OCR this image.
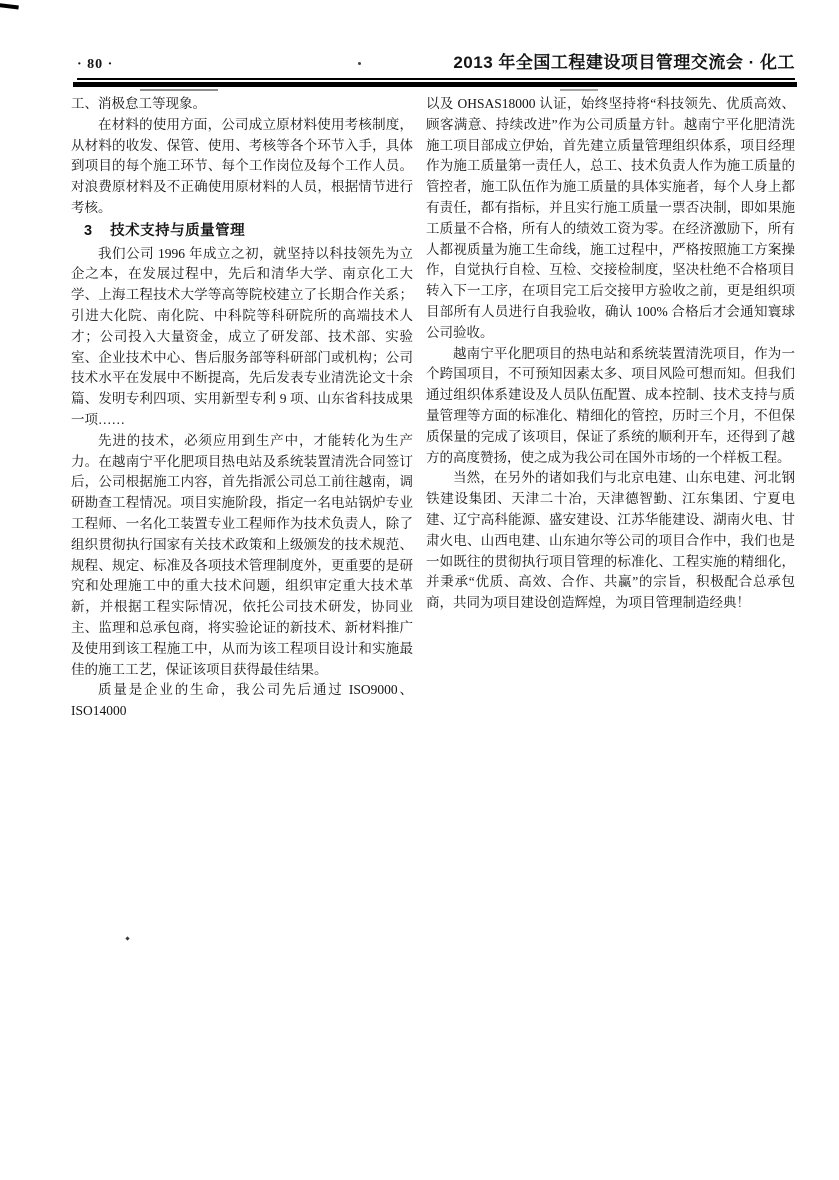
· 80 ·	2013 年全国工程建设项目管理交流会 · 化工

工、消极怠工等现象。

在材料的使用方面，公司成立原材料使用考核制度，从材料的收发、保管、使用、考核等各个环节入手，具体到项目的每个施工环节、每个工作岗位及每个工作人员。对浪费原材料及不正确使用原材料的人员，根据情节进行考核。

3 技术支持与质量管理

我们公司 1996 年成立之初，就坚持以科技领先为立企之本，在发展过程中，先后和清华大学、南京化工大学、上海工程技术大学等高等院校建立了长期合作关系；引进大化院、南化院、中科院等科研院所的高端技术人才；公司投入大量资金，成立了研发部、技术部、实验室、企业技术中心、售后服务部等科研部门或机构；公司技术水平在发展中不断提高，先后发表专业清洗论文十余篇、发明专利四项、实用新型专利 9 项、山东省科技成果一项……

先进的技术，必须应用到生产中，才能转化为生产力。在越南宁平化肥项目热电站及系统装置清洗合同签订后，公司根据施工内容，首先指派公司总工前往越南，调研勘查工程情况。项目实施阶段，指定一名电站锅炉专业工程师、一名化工装置专业工程师作为技术负责人，除了组织贯彻执行国家有关技术政策和上级颁发的技术规范、规程、规定、标准及各项技术管理制度外，更重要的是研究和处理施工中的重大技术问题，组织审定重大技术革新，并根据工程实际情况，依托公司技术研发，协同业主、监理和总承包商，将实验论证的新技术、新材料推广及使用到该工程施工中，从而为该工程项目设计和实施最佳的施工工艺，保证该项目获得最佳结果。

质量是企业的生命，我公司先后通过 ISO9000、ISO14000

以及 OHSAS18000 认证，始终坚持将“科技领先、优质高效、顾客满意、持续改进”作为公司质量方针。越南宁平化肥清洗施工项目部成立伊始，首先建立质量管理组织体系，项目经理作为施工质量第一责任人，总工、技术负责人作为施工质量的管控者，施工队伍作为施工质量的具体实施者，每个人身上都有责任，都有指标，并且实行施工质量一票否决制，即如果施工质量不合格，所有人的绩效工资为零。在经济激励下，所有人都视质量为施工生命线，施工过程中，严格按照施工方案操作，自觉执行自检、互检、交接检制度，坚决杜绝不合格项目转入下一工序，在项目完工后交接甲方验收之前，更是组织项目部所有人员进行自我验收，确认 100% 合格后才会通知寰球公司验收。

越南宁平化肥项目的热电站和系统装置清洗项目，作为一个跨国项目，不可预知因素太多、项目风险可想而知。但我们通过组织体系建设及人员队伍配置、成本控制、技术支持与质量管理等方面的标准化、精细化的管控，历时三个月，不但保质保量的完成了该项目，保证了系统的顺利开车，还得到了越方的高度赞扬，使之成为我公司在国外市场的一个样板工程。

当然，在另外的诸如我们与北京电建、山东电建、河北钢铁建设集团、天津二十冶，天津德智勤、江东集团、宁夏电建、辽宁高科能源、盛安建设、江苏华能建设、湖南火电、甘肃火电、山西电建、山东迪尔等公司的项目合作中，我们也是一如既往的贯彻执行项目管理的标准化、工程实施的精细化，并秉承“优质、高效、合作、共赢”的宗旨，积极配合总承包商，共同为项目建设创造辉煌，为项目管理制造经典！
